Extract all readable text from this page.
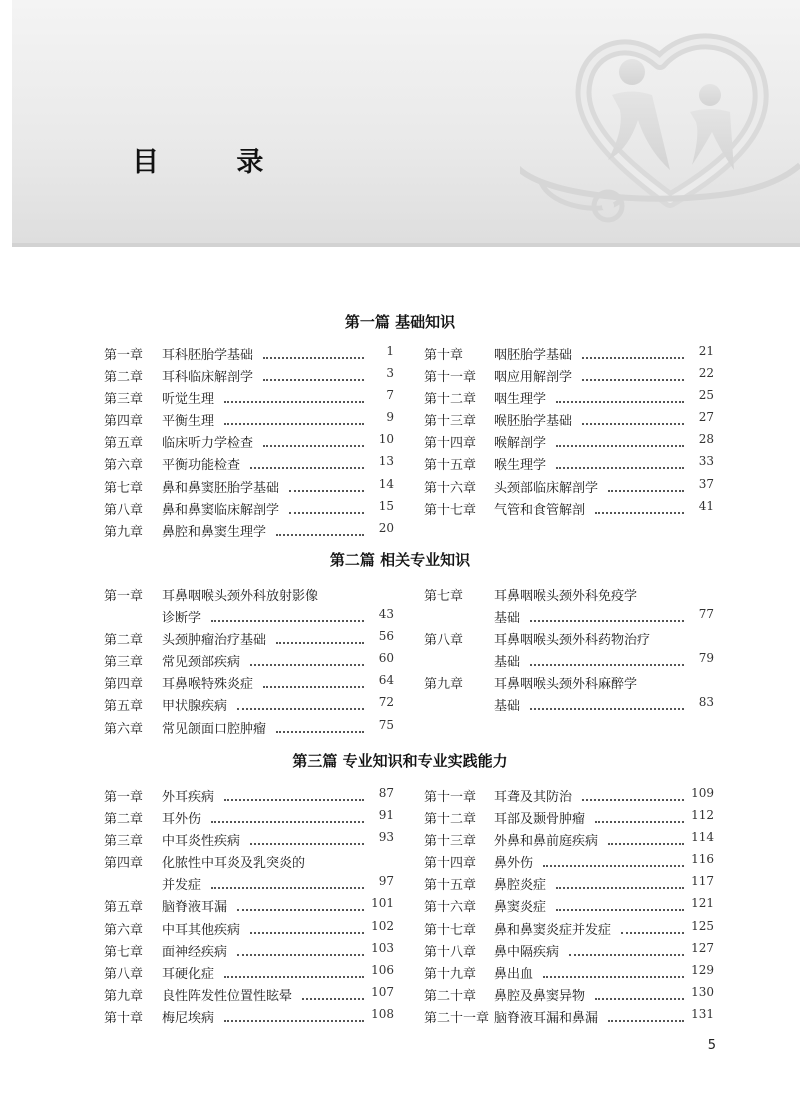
目 录
第一篇 基础知识
第一章 耳科胚胎学基础	1
第二章 耳科临床解剖学	3
第三章 听觉生理	7
第四章 平衡生理	9
第五章 临床听力学检查	10
第六章 平衡功能检查	13
第七章 鼻和鼻窦胚胎学基础	14
第八章 鼻和鼻窦临床解剖学	15
第九章 鼻腔和鼻窦生理学	20
第十章 咽胚胎学基础	21
第十一章 咽应用解剖学	22
第十二章 咽生理学	25
第十三章 喉胚胎学基础	27
第十四章 喉解剖学	28
第十五章 喉生理学	33
第十六章 头颈部临床解剖学	37
第十七章 气管和食管解剖	41
第二篇 相关专业知识
第一章 耳鼻咽喉头颈外科放射影像
诊断学	43
第二章 头颈肿瘤治疗基础	56
第三章 常见颈部疾病	60
第四章 耳鼻喉特殊炎症	64
第五章 甲状腺疾病	72
第六章 常见颌面口腔肿瘤	75
第七章 耳鼻咽喉头颈外科免疫学
基础	77
第八章 耳鼻咽喉头颈外科药物治疗
基础	79
第九章 耳鼻咽喉头颈外科麻醉学
基础	83
第三篇 专业知识和专业实践能力
第一章 外耳疾病	87
第二章 耳外伤	91
第三章 中耳炎性疾病	93
第四章 化脓性中耳炎及乳突炎的
并发症	97
第五章 脑脊液耳漏	101
第六章 中耳其他疾病	102
第七章 面神经疾病	103
第八章 耳硬化症	106
第九章 良性阵发性位置性眩晕	107
第十章 梅尼埃病	108
第十一章 耳聋及其防治	109
第十二章 耳部及颞骨肿瘤	112
第十三章 外鼻和鼻前庭疾病	114
第十四章 鼻外伤	116
第十五章 鼻腔炎症	117
第十六章 鼻窦炎症	121
第十七章 鼻和鼻窦炎症并发症	125
第十八章 鼻中隔疾病	127
第十九章 鼻出血	129
第二十章 鼻腔及鼻窦异物	130
第二十一章 脑脊液耳漏和鼻漏	131

5
